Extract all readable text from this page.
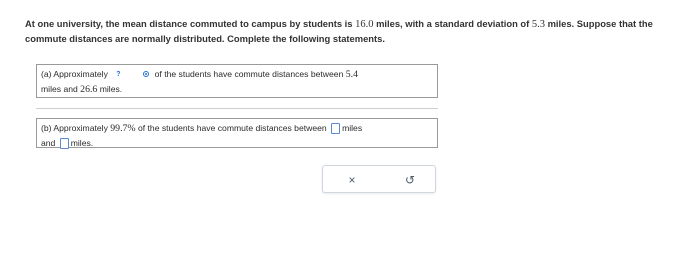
At one university, the mean distance commuted to campus by students is 16.0 miles, with a standard deviation of 5.3 miles. Suppose that the commute distances are normally distributed. Complete the following statements.
(a) Approximately ?	of the students have commute distances between 5.4
miles and 26.6 miles.
(b) Approximately 99.7% of the students have commute distances between miles
and miles.
×	↺
